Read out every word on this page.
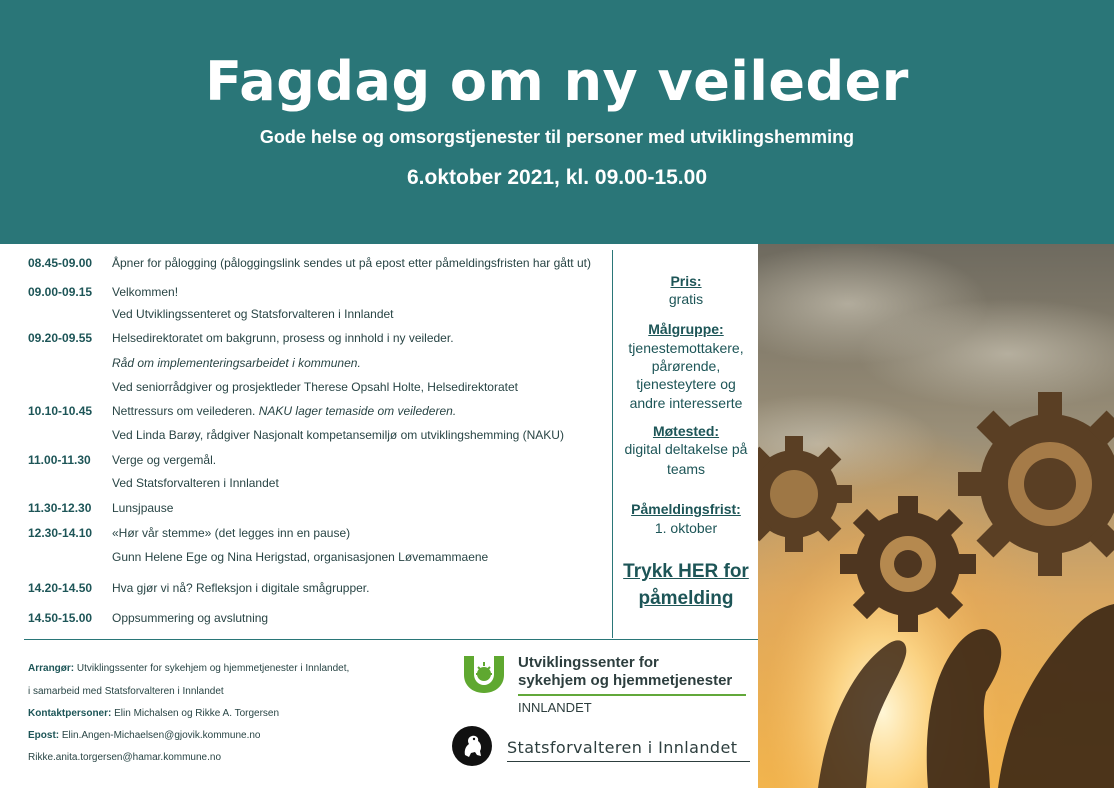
Fagdag om ny veileder
Gode helse og omsorgstjenester til personer med utviklingshemming
6.oktober 2021, kl. 09.00-15.00
08.45-09.00	Åpner for pålogging (påloggingslink sendes ut på epost etter påmeldingsfristen har gått ut)
09.00-09.15	Velkommen!
Ved Utviklingssenteret og Statsforvalteren i Innlandet
09.20-09.55	Helsedirektoratet om bakgrunn, prosess og innhold i ny veileder.
Råd om implementeringsarbeidet i kommunen.
Ved seniorrådgiver og prosjektleder Therese Opsahl Holte, Helsedirektoratet
10.10-10.45	Nettressurs om veilederen. NAKU lager temaside om veilederen.
Ved Linda Barøy, rådgiver Nasjonalt kompetansemiljø om utviklingshemming (NAKU)
11.00-11.30	Verge og vergemål.
Ved Statsforvalteren i Innlandet
11.30-12.30	Lunsjpause
12.30-14.10	«Hør vår stemme» (det legges inn en pause)
Gunn Helene Ege og Nina Herigstad, organisasjonen Løvemammaene
14.20-14.50	Hva gjør vi nå? Refleksjon i digitale smågrupper.
14.50-15.00	Oppsummering og avslutning
Pris:
gratis
Målgruppe:
tjenestemottakere,
pårørende,
tjenesteytere og
andre interesserte
Møtested:
digital deltakelse på
teams
Påmeldingsfrist:
1. oktober
Trykk HER for
påmelding
Arrangør: Utviklingssenter for sykehjem og hjemmetjenester i Innlandet,
i samarbeid med Statsforvalteren i Innlandet
Kontaktpersoner: Elin Michalsen og Rikke A. Torgersen
Epost: Elin.Angen-Michaelsen@gjovik.kommune.no
Rikke.anita.torgersen@hamar.kommune.no
Utviklingssenter for
sykehjem og hjemmetjenester
INNLANDET
Statsforvalteren i Innlandet
